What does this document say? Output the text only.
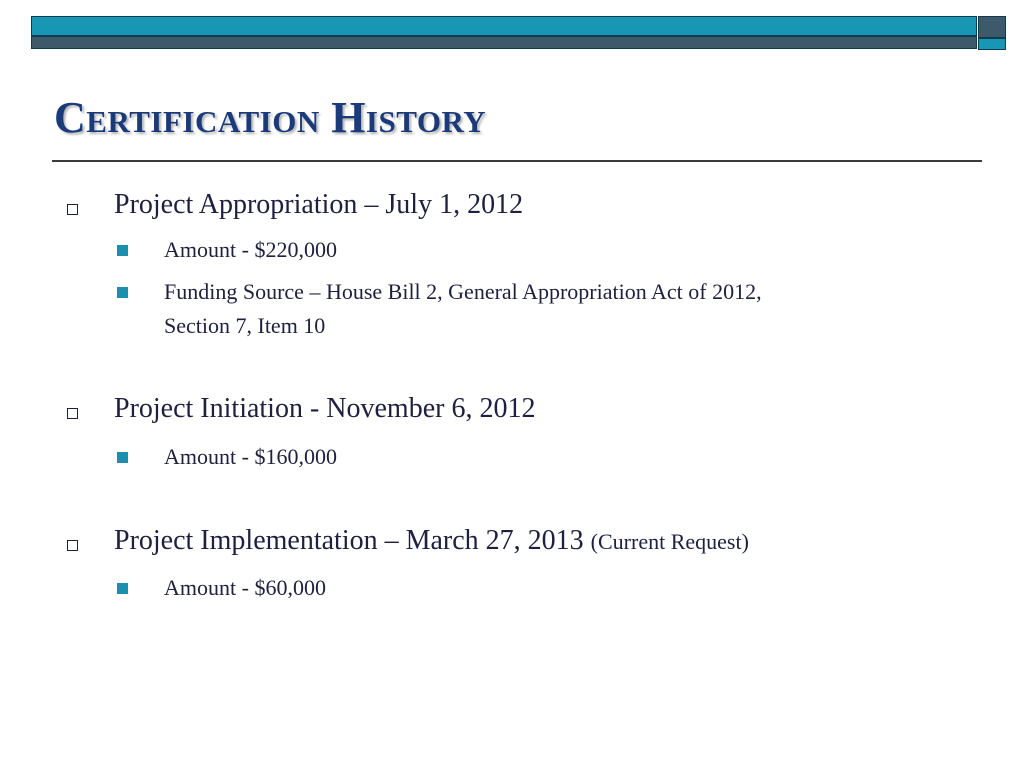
Certification History
Project Appropriation – July 1, 2012
Amount - $220,000
Funding Source – House Bill 2, General Appropriation Act of 2012,
Section 7, Item 10
Project Initiation - November 6, 2012
Amount - $160,000
Project Implementation – March 27, 2013 (Current Request)
Amount - $60,000
